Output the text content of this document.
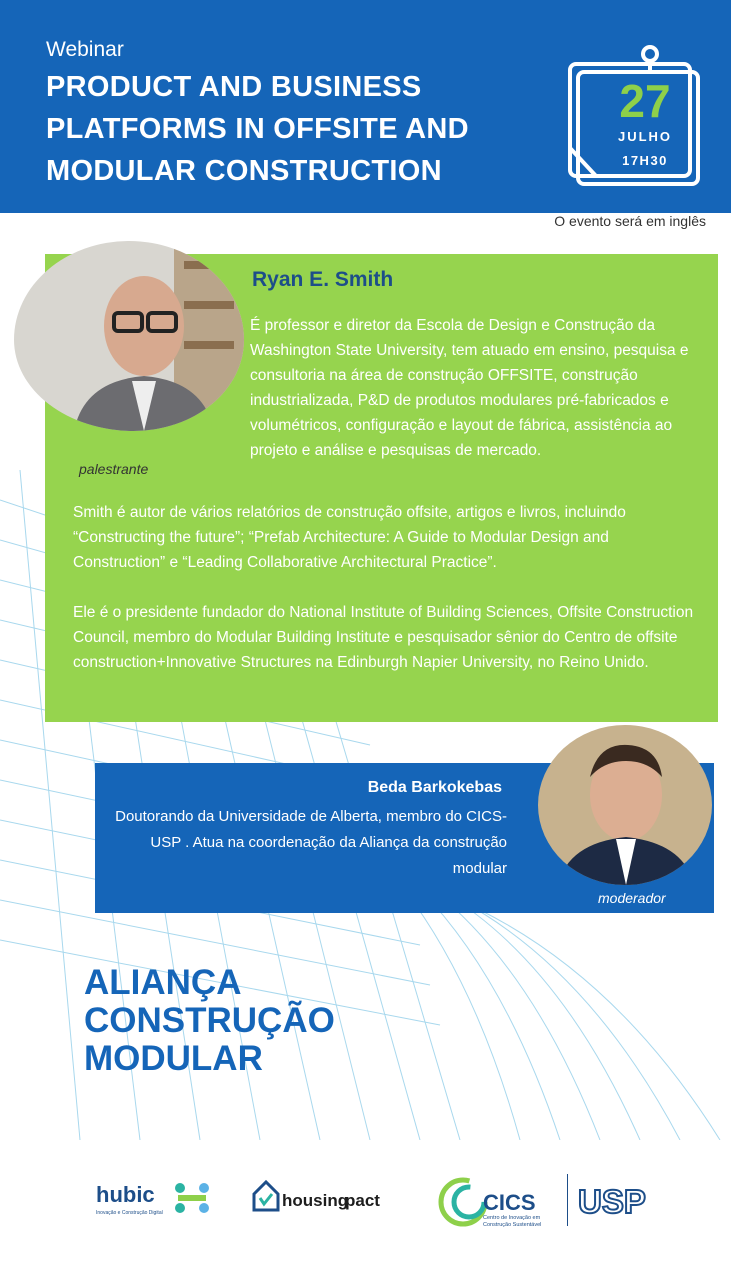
Webinar
PRODUCT AND BUSINESS PLATFORMS IN OFFSITE AND MODULAR CONSTRUCTION
27
JULHO
17H30
O evento será em inglês
palestrante
Ryan E. Smith
É professor e diretor da Escola de Design e Construção da Washington State University, tem atuado em ensino, pesquisa e consultoria na área de construção OFFSITE, construção industrializada, P&D de produtos modulares pré-fabricados e volumétricos, configuração e layout de fábrica, assistência ao projeto e análise e pesquisas de mercado.
Smith é autor de vários relatórios de construção offsite, artigos e livros, incluindo “Constructing the future”; “Prefab Architecture: A Guide to Modular Design and Construction” e “Leading Collaborative Architectural Practice”.
Ele é o presidente fundador do National Institute of Building Sciences, Offsite Construction Council, membro do Modular Building Institute e pesquisador sênior do Centro de offsite construction+Innovative Structures na Edinburgh Napier University, no Reino Unido.
Beda Barkokebas
Doutorando da Universidade de Alberta, membro do CICS-USP . Atua na coordenação da Aliança da construção modular
moderador
ALIANÇA
CONSTRUÇÃO
MODULAR
hubic
Inovação e Construção Digital
housing
pact	CICS
Centro de Inovação em
Construção Sustentável
USP
